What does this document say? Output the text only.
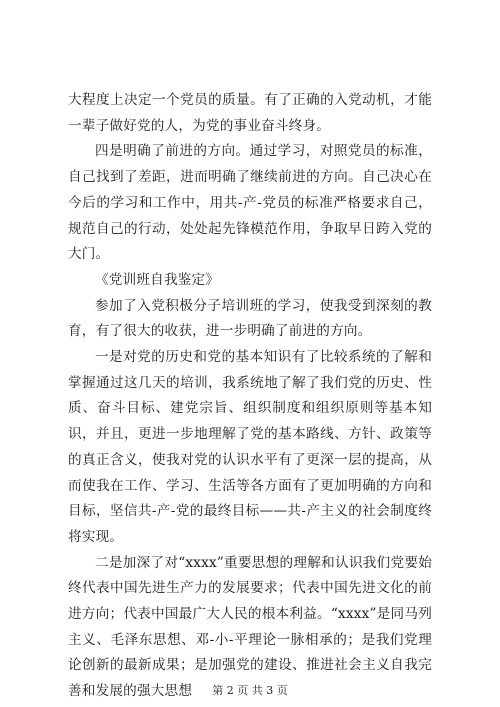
大程度上决定一个党员的质量。有了正确的入党动机，才能一辈子做好党的人，为党的事业奋斗终身。

四是明确了前进的方向。通过学习，对照党员的标准，自己找到了差距，进而明确了继续前进的方向。自己决心在今后的学习和工作中，用共-产-党员的标准严格要求自己，规范自己的行动，处处起先锋模范作用，争取早日跨入党的大门。

《党训班自我鉴定》

参加了入党积极分子培训班的学习，使我受到深刻的教育，有了很大的收获，进一步明确了前进的方向。

一是对党的历史和党的基本知识有了比较系统的了解和掌握通过这几天的培训，我系统地了解了我们党的历史、性质、奋斗目标、建党宗旨、组织制度和组织原则等基本知识，并且，更进一步地理解了党的基本路线、方针、政策等的真正含义，使我对党的认识水平有了更深一层的提高，从而使我在工作、学习、生活等各方面有了更加明确的方向和目标，坚信共-产-党的最终目标——共-产主义的社会制度终将实现。

二是加深了对“xxxx”重要思想的理解和认识我们党要始终代表中国先进生产力的发展要求；代表中国先进文化的前进方向；代表中国最广大人民的根本利益。“xxxx”是同马列主义、毛泽东思想、邓-小-平理论一脉相承的；是我们党理论创新的最新成果；是加强党的建设、推进社会主义自我完善和发展的强大思想	第 2 页 共 3 页
